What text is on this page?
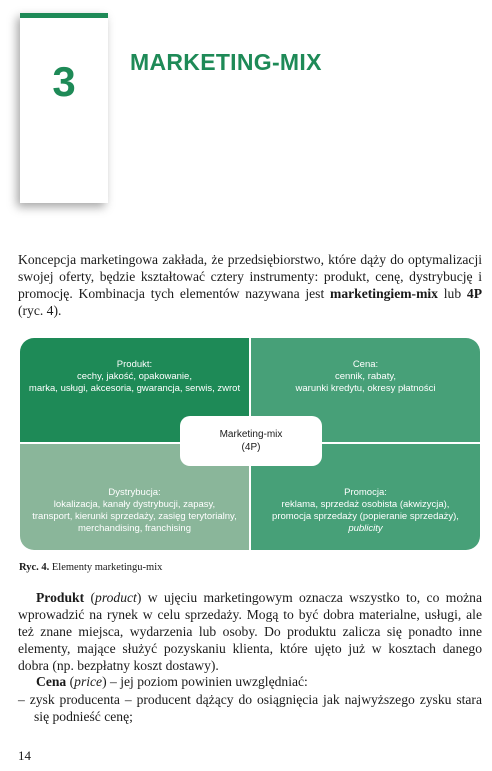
3	MARKETING-MIX

Koncepcja marketingowa zakłada, że przedsiębiorstwo, które dąży do optymalizacji swojej oferty, będzie kształtować cztery instrumenty: produkt, cenę, dystrybucję i promocję. Kombinacja tych elementów nazywana jest marketingiem-mix lub 4P (ryc. 4).

Produkt:
cechy, jakość, opakowanie,
marka, usługi, akcesoria, gwarancja, serwis, zwrot
Cena:
cennik, rabaty,
warunki kredytu, okresy płatności
Dystrybucja:
lokalizacja, kanały dystrybucji, zapasy,
transport, kierunki sprzedaży, zasięg terytorialny,
merchandising, franchising
Promocja:
reklama, sprzedaż osobista (akwizycja),
promocja sprzedaży (popieranie sprzedaży),
publicity
Marketing-mix
(4P)
Ryc. 4. Elementy marketingu-mix

Produkt (product) w ujęciu marketingowym oznacza wszystko to, co można wprowadzić na rynek w celu sprzedaży. Mogą to być dobra materialne, usługi, ale też znane miejsca, wydarzenia lub osoby. Do produktu zalicza się ponadto inne elementy, mające służyć pozyskaniu klienta, które ujęto już w kosztach danego dobra (np. bezpłatny koszt dostawy).

Cena (price) – jej poziom powinien uwzględniać:

– zysk producenta – producent dążący do osiągnięcia jak najwyższego zysku stara się podnieść cenę;

14
